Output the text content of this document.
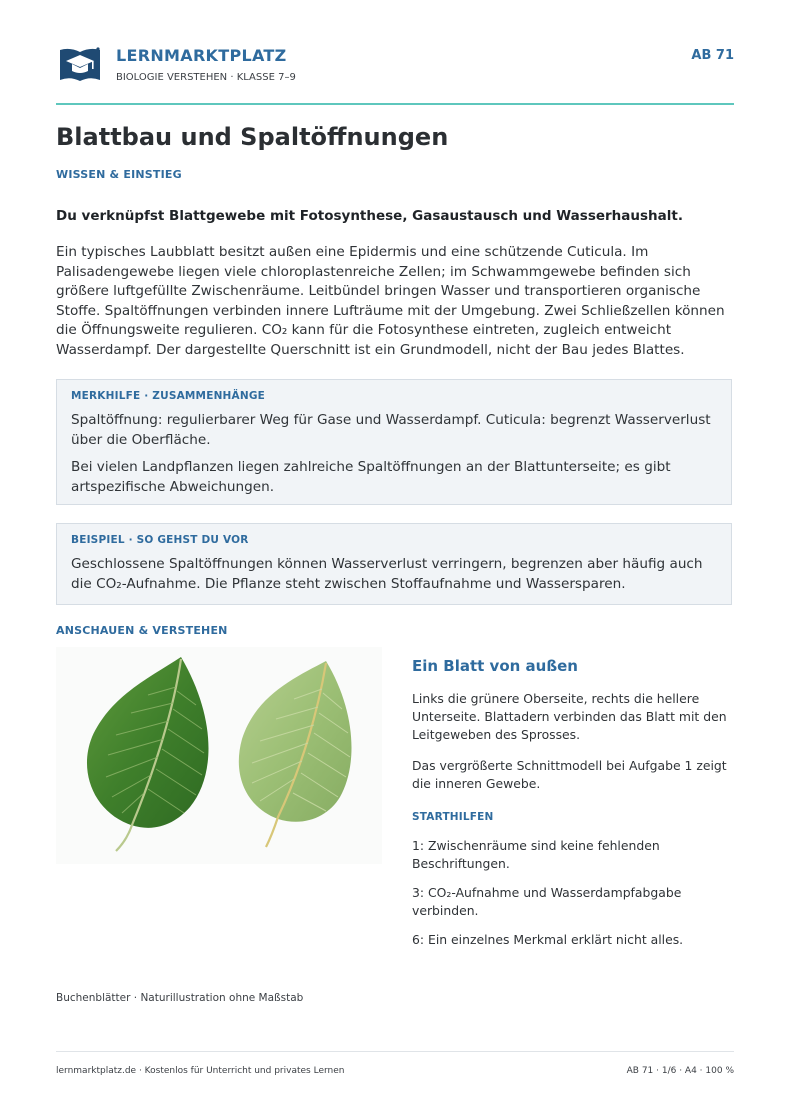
LERNMARKTPLATZ
BIOLOGIE VERSTEHEN · KLASSE 7–9
AB 71
Blattbau und Spaltöffnungen
WISSEN & EINSTIEG
Du verknüpfst Blattgewebe mit Fotosynthese, Gasaustausch und Wasserhaushalt.

Ein typisches Laubblatt besitzt außen eine Epidermis und eine schützende Cuticula. Im Palisadengewebe liegen viele chloroplastenreiche Zellen; im Schwammgewebe befinden sich größere luftgefüllte Zwischenräume. Leitbündel bringen Wasser und transportieren organische Stoffe. Spaltöffnungen verbinden innere Lufträume mit der Umgebung. Zwei Schließzellen können die Öffnungsweite regulieren. CO₂ kann für die Fotosynthese eintreten, zugleich entweicht Wasserdampf. Der dargestellte Querschnitt ist ein Grundmodell, nicht der Bau jedes Blattes.

MERKHILFE · ZUSAMMENHÄNGE

Spaltöffnung: regulierbarer Weg für Gase und Wasserdampf. Cuticula: begrenzt Wasserverlust über die Oberfläche.

Bei vielen Landpflanzen liegen zahlreiche Spaltöffnungen an der Blattunterseite; es gibt artspezifische Abweichungen.

BEISPIEL · SO GEHST DU VOR

Geschlossene Spaltöffnungen können Wasserverlust verringern, begrenzen aber häufig auch die CO₂-Aufnahme. Die Pflanze steht zwischen Stoffaufnahme und Wassersparen.

ANSCHAUEN & VERSTEHEN
Buchenblätter · Naturillustration ohne Maßstab
Ein Blatt von außen

Links die grünere Oberseite, rechts die hellere Unterseite. Blattadern verbinden das Blatt mit den Leitgeweben des Sprosses.

Das vergrößerte Schnittmodell bei Aufgabe 1 zeigt die inneren Gewebe.

STARTHILFEN

1: Zwischenräume sind keine fehlenden Beschriftungen.

3: CO₂-Aufnahme und Wasserdampfabgabe verbinden.

6: Ein einzelnes Merkmal erklärt nicht alles.

lernmarktplatz.de · Kostenlos für Unterricht und privates Lernen	AB 71 · 1/6 · A4 · 100 %
